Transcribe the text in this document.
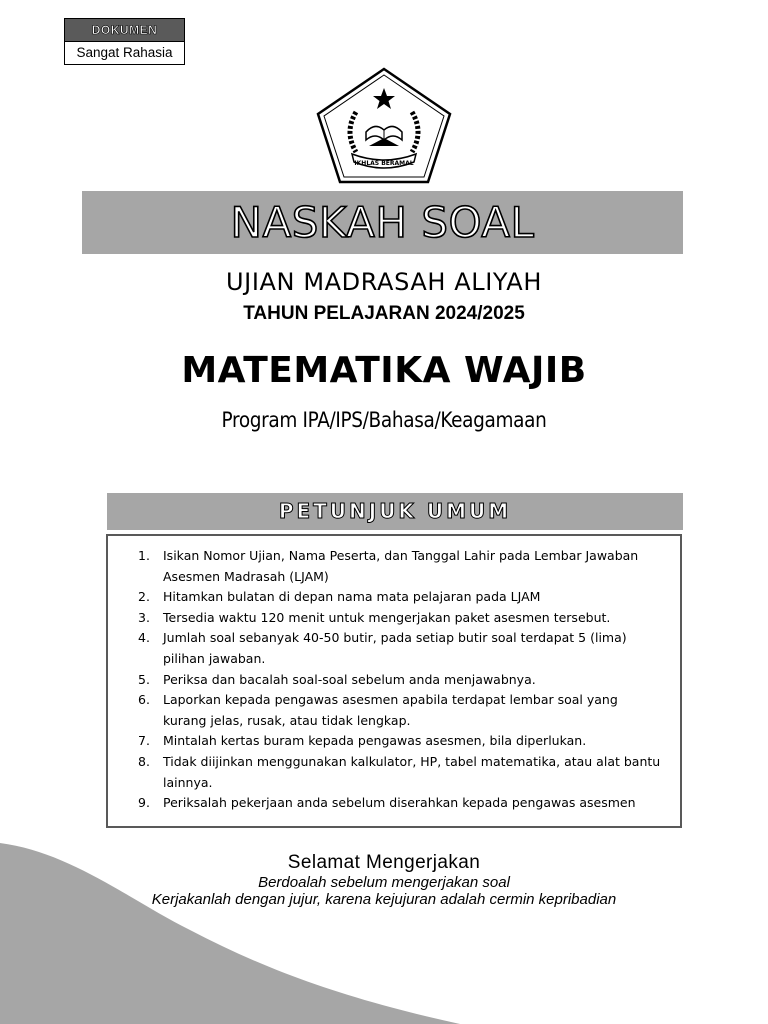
DOKUMEN
Sangat Rahasia
IKHLAS BERAMAL
NASKAH SOAL
UJIAN MADRASAH ALIYAH
TAHUN PELAJARAN 2024/2025
MATEMATIKA WAJIB
Program IPA/IPS/Bahasa/Keagamaan
PETUNJUK UMUM
1. Isikan Nomor Ujian, Nama Peserta, dan Tanggal Lahir pada Lembar Jawaban Asesmen Madrasah (LJAM)
2. Hitamkan bulatan di depan nama mata pelajaran pada LJAM
3. Tersedia waktu 120 menit untuk mengerjakan paket asesmen tersebut.
4. Jumlah soal sebanyak 40-50 butir, pada setiap butir soal terdapat 5 (lima) pilihan jawaban.
5. Periksa dan bacalah soal-soal sebelum anda menjawabnya.
6. Laporkan kepada pengawas asesmen apabila terdapat lembar soal yang kurang jelas, rusak, atau tidak lengkap.
7. Mintalah kertas buram kepada pengawas asesmen, bila diperlukan.
8. Tidak diijinkan menggunakan kalkulator, HP, tabel matematika, atau alat bantu lainnya.
9. Periksalah pekerjaan anda sebelum diserahkan kepada pengawas asesmen
Selamat Mengerjakan
Berdoalah sebelum mengerjakan soal
Kerjakanlah dengan jujur, karena kejujuran adalah cermin kepribadian
